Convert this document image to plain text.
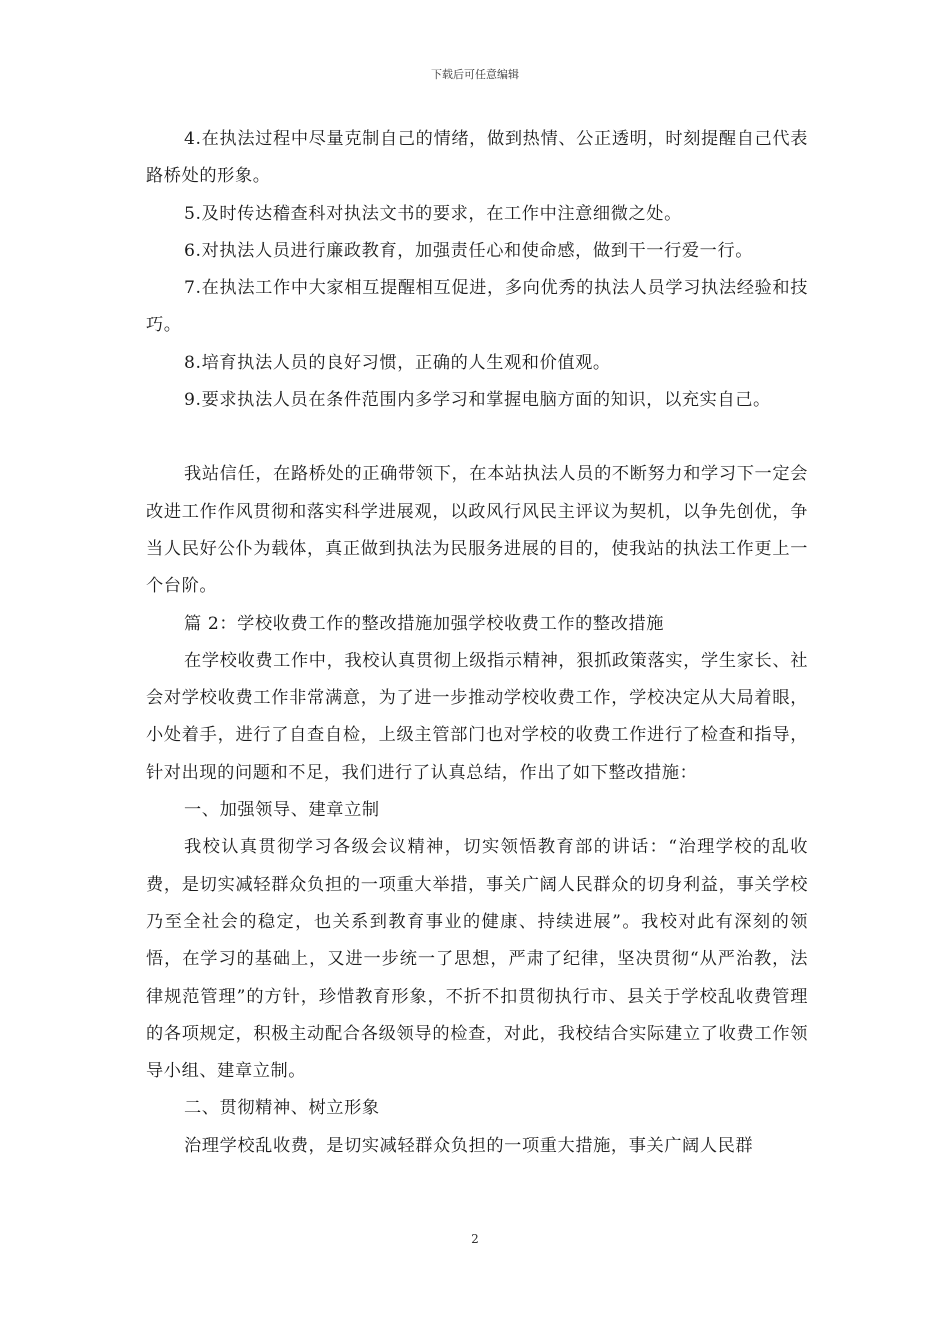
下载后可任意编辑

4.在执法过程中尽量克制自己的情绪，做到热情、公正透明，时刻提醒自己代表路桥处的形象。

5.及时传达稽查科对执法文书的要求，在工作中注意细微之处。

6.对执法人员进行廉政教育，加强责任心和使命感，做到干一行爱一行。

7.在执法工作中大家相互提醒相互促进，多向优秀的执法人员学习执法经验和技巧。

8.培育执法人员的良好习惯，正确的人生观和价值观。

9.要求执法人员在条件范围内多学习和掌握电脑方面的知识，以充实自己。

我站信任，在路桥处的正确带领下，在本站执法人员的不断努力和学习下一定会改进工作作风贯彻和落实科学进展观，以政风行风民主评议为契机，以争先创优，争当人民好公仆为载体，真正做到执法为民服务进展的目的，使我站的执法工作更上一个台阶。

篇 2：学校收费工作的整改措施加强学校收费工作的整改措施

在学校收费工作中，我校认真贯彻上级指示精神，狠抓政策落实，学生家长、社会对学校收费工作非常满意，为了进一步推动学校收费工作，学校决定从大局着眼，小处着手，进行了自查自检，上级主管部门也对学校的收费工作进行了检查和指导，针对出现的问题和不足，我们进行了认真总结，作出了如下整改措施：

一、加强领导、建章立制

我校认真贯彻学习各级会议精神，切实领悟教育部的讲话：“治理学校的乱收费，是切实减轻群众负担的一项重大举措，事关广阔人民群众的切身利益，事关学校乃至全社会的稳定，也关系到教育事业的健康、持续进展”。我校对此有深刻的领悟，在学习的基础上，又进一步统一了思想，严肃了纪律，坚决贯彻“从严治教，法律规范管理”的方针，珍惜教育形象，不折不扣贯彻执行市、县关于学校乱收费管理的各项规定，积极主动配合各级领导的检查，对此，我校结合实际建立了收费工作领导小组、建章立制。

二、贯彻精神、树立形象

治理学校乱收费，是切实减轻群众负担的一项重大措施，事关广阔人民群

2
